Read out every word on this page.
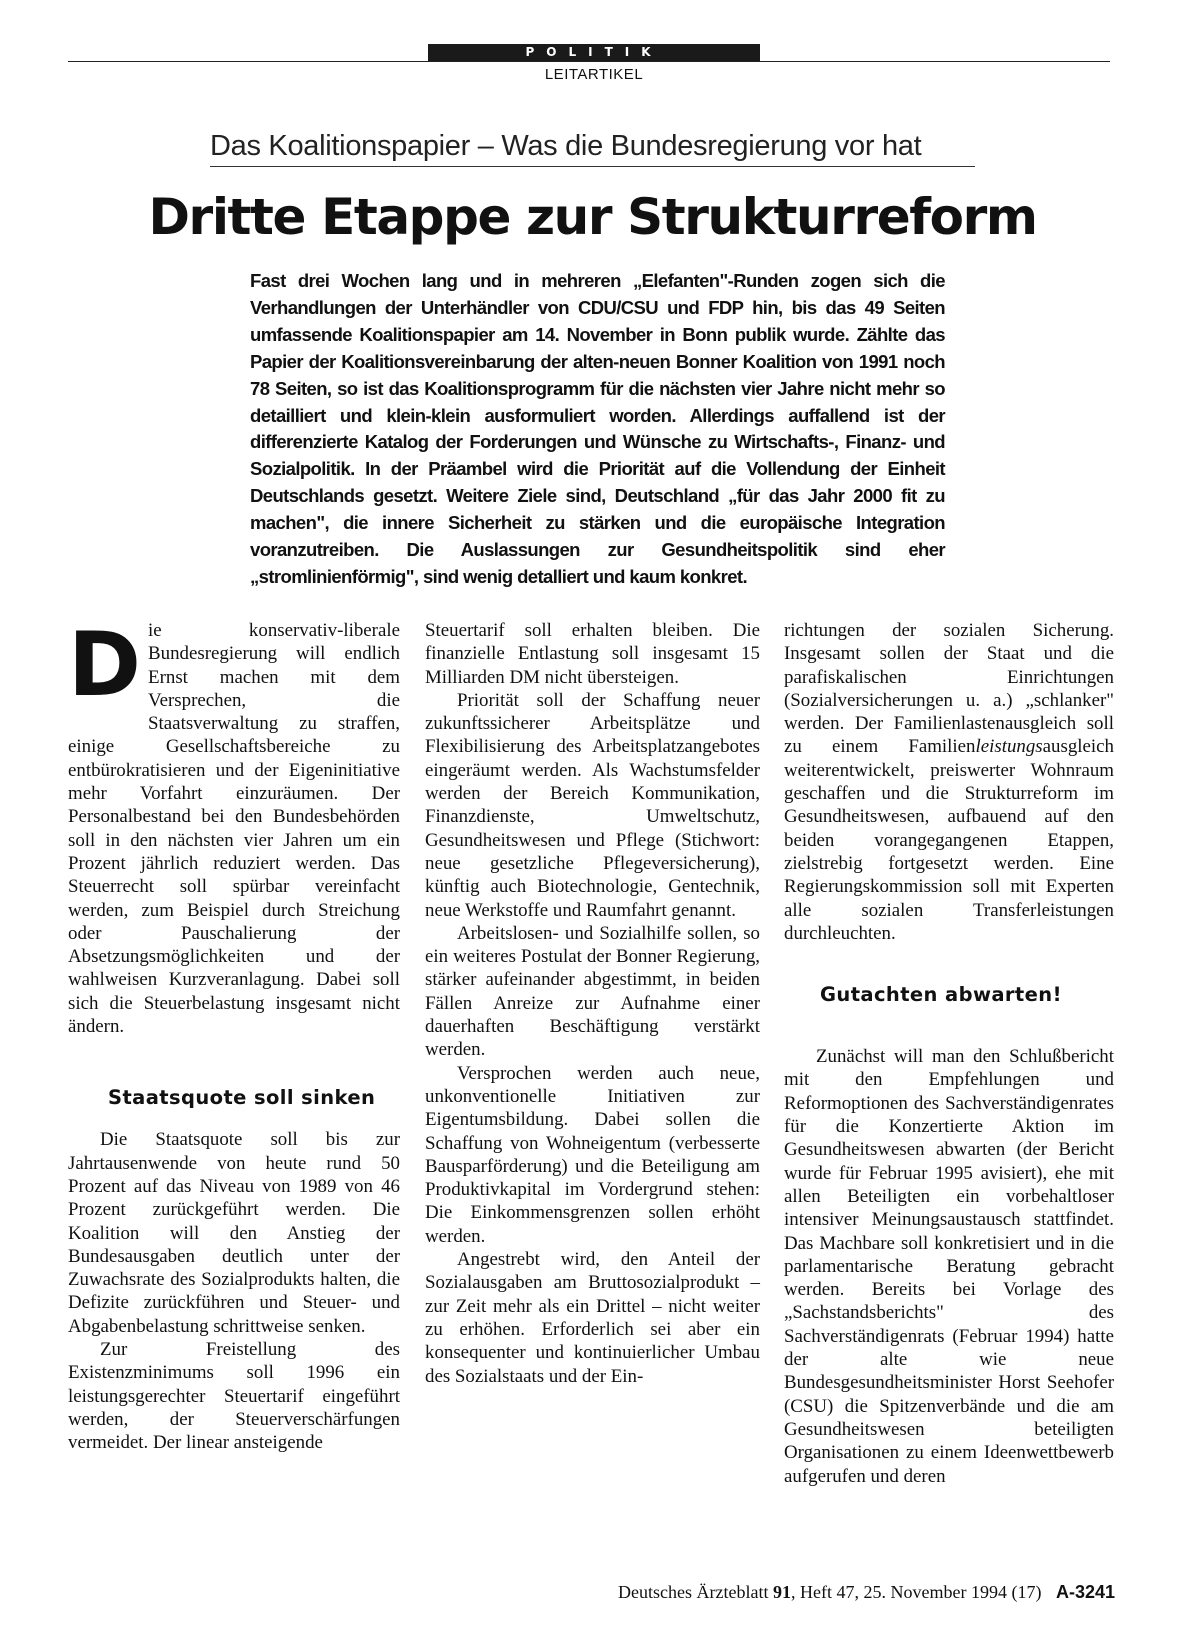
POLITIK
LEITARTIKEL
Das Koalitionspapier – Was die Bundesregierung vor hat
Dritte Etappe zur Strukturreform
Fast drei Wochen lang und in mehreren „Elefanten"-Runden zogen sich die Verhandlungen der Unterhändler von CDU/CSU und FDP hin, bis das 49 Seiten umfassende Koalitionspapier am 14. November in Bonn publik wurde. Zählte das Papier der Koalitionsvereinbarung der alten-neuen Bonner Koalition von 1991 noch 78 Seiten, so ist das Koalitionsprogramm für die nächsten vier Jahre nicht mehr so detailliert und klein-klein ausformuliert worden. Allerdings auffallend ist der differenzierte Katalog der Forderungen und Wünsche zu Wirtschafts-, Finanz- und Sozialpolitik. In der Präambel wird die Priorität auf die Vollendung der Einheit Deutschlands gesetzt. Weitere Ziele sind, Deutschland „für das Jahr 2000 fit zu machen", die innere Sicherheit zu stärken und die europäische Integration voranzutreiben. Die Auslassungen zur Gesundheitspolitik sind eher „stromlinienförmig", sind wenig detalliert und kaum konkret.
D ie konservativ-liberale Bundesregierung will endlich Ernst machen mit dem Versprechen, die Staatsverwaltung zu straffen, einige Gesellschaftsbereiche zu entbürokratisieren und der Eigeninitiative mehr Vorfahrt einzuräumen. Der Personalbestand bei den Bundesbehörden soll in den nächsten vier Jahren um ein Prozent jährlich reduziert werden. Das Steuerrecht soll spürbar vereinfacht werden, zum Beispiel durch Streichung oder Pauschalierung der Absetzungsmöglichkeiten und der wahlweisen Kurzveranlagung. Dabei soll sich die Steuerbelastung insgesamt nicht ändern.

Staatsquote soll sinken

Die Staatsquote soll bis zur Jahrtausenwende von heute rund 50 Prozent auf das Niveau von 1989 von 46 Prozent zurückgeführt werden. Die Koalition will den Anstieg der Bundesausgaben deutlich unter der Zuwachsrate des Sozialprodukts halten, die Defizite zurückführen und Steuer- und Abgabenbelastung schrittweise senken.

Zur Freistellung des Existenzminimums soll 1996 ein leistungsgerechter Steuertarif eingeführt werden, der Steuerverschärfungen vermeidet. Der linear ansteigende

Steuertarif soll erhalten bleiben. Die finanzielle Entlastung soll insgesamt 15 Milliarden DM nicht übersteigen.

Priorität soll der Schaffung neuer zukunftssicherer Arbeitsplätze und Flexibilisierung des Arbeitsplatzangebotes eingeräumt werden. Als Wachstumsfelder werden der Bereich Kommunikation, Finanzdienste, Umweltschutz, Gesundheitswesen und Pflege (Stichwort: neue gesetzliche Pflegeversicherung), künftig auch Biotechnologie, Gentechnik, neue Werkstoffe und Raumfahrt genannt.

Arbeitslosen- und Sozialhilfe sollen, so ein weiteres Postulat der Bonner Regierung, stärker aufeinander abgestimmt, in beiden Fällen Anreize zur Aufnahme einer dauerhaften Beschäftigung verstärkt werden.

Versprochen werden auch neue, unkonventionelle Initiativen zur Eigentumsbildung. Dabei sollen die Schaffung von Wohneigentum (verbesserte Bausparförderung) und die Beteiligung am Produktivkapital im Vordergrund stehen: Die Einkommensgrenzen sollen erhöht werden.

Angestrebt wird, den Anteil der Sozialausgaben am Bruttosozialprodukt – zur Zeit mehr als ein Drittel – nicht weiter zu erhöhen. Erforderlich sei aber ein konsequenter und kontinuierlicher Umbau des Sozialstaats und der Ein-

richtungen der sozialen Sicherung. Insgesamt sollen der Staat und die parafiskalischen Einrichtungen (Sozialversicherungen u. a.) „schlanker" werden. Der Familienlastenausgleich soll zu einem Familienleistungsausgleich weiterentwickelt, preiswerter Wohnraum geschaffen und die Strukturreform im Gesundheitswesen, aufbauend auf den beiden vorangegangenen Etappen, zielstrebig fortgesetzt werden. Eine Regierungskommission soll mit Experten alle sozialen Transferleistungen durchleuchten.

Gutachten abwarten!

Zunächst will man den Schlußbericht mit den Empfehlungen und Reformoptionen des Sachverständigenrates für die Konzertierte Aktion im Gesundheitswesen abwarten (der Bericht wurde für Februar 1995 avisiert), ehe mit allen Beteiligten ein vorbehaltloser intensiver Meinungsaustausch stattfindet. Das Machbare soll konkretisiert und in die parlamentarische Beratung gebracht werden. Bereits bei Vorlage des „Sachstandsberichts" des Sachverständigenrats (Februar 1994) hatte der alte wie neue Bundesgesundheitsminister Horst Seehofer (CSU) die Spitzenverbände und die am Gesundheitswesen beteiligten Organisationen zu einem Ideenwettbewerb aufgerufen und deren

Deutsches Ärzteblatt 91, Heft 47, 25. November 1994 (17) A-3241
